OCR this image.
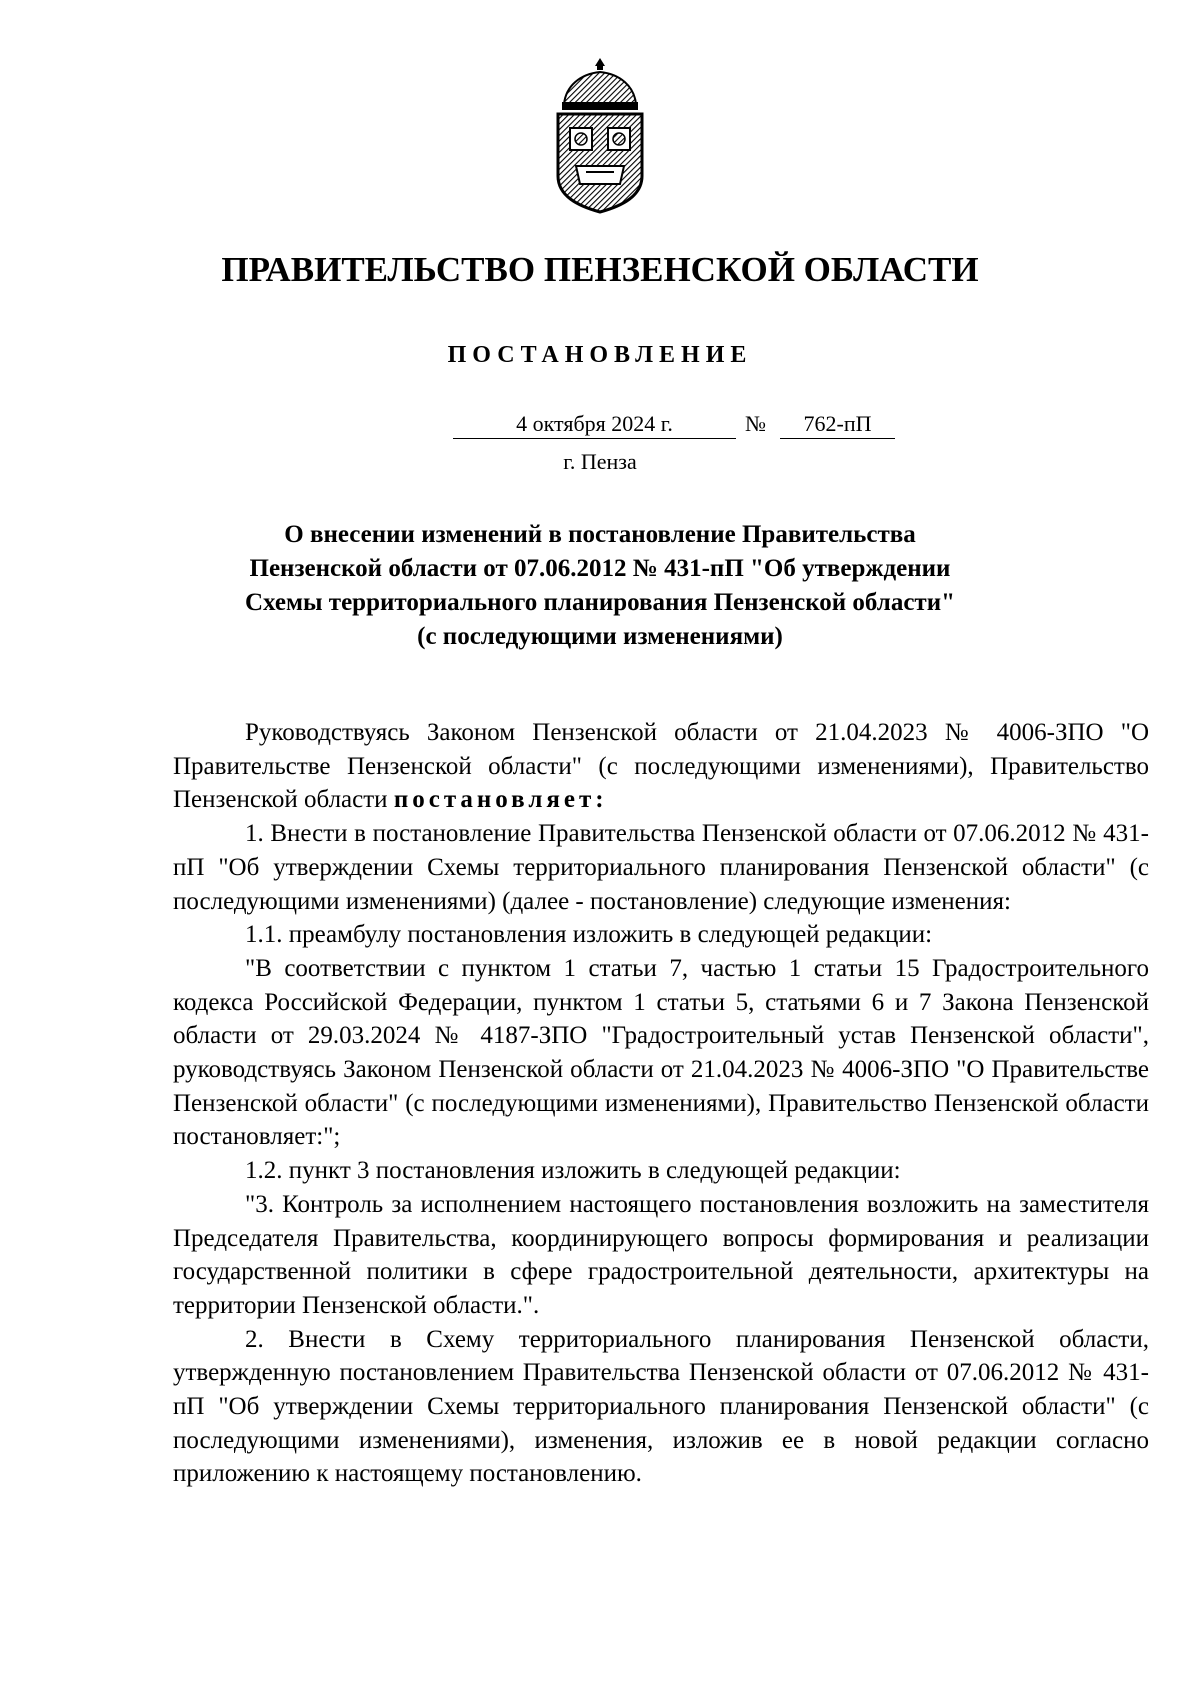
ПРАВИТЕЛЬСТВО ПЕНЗЕНСКОЙ ОБЛАСТИ
ПОСТАНОВЛЕНИЕ
4 октября 2024 г.	№	762-пП
г. Пенза
О внесении изменений в постановление Правительства
Пензенской области от 07.06.2012 № 431-пП "Об утверждении
Схемы территориального планирования Пензенской области"
(с последующими изменениями)

Руководствуясь Законом Пензенской области от 21.04.2023 № 4006-ЗПО "О Правительстве Пензенской области" (с последующими изменениями), Правительство Пензенской области постановляет:

1. Внести в постановление Правительства Пензенской области от 07.06.2012 № 431-пП "Об утверждении Схемы территориального планирования Пензенской области" (с последующими изменениями) (далее - постановление) следующие изменения:

1.1. преамбулу постановления изложить в следующей редакции:

"В соответствии с пунктом 1 статьи 7, частью 1 статьи 15 Градостроительного кодекса Российской Федерации, пунктом 1 статьи 5, статьями 6 и 7 Закона Пензенской области от 29.03.2024 № 4187-ЗПО "Градостроительный устав Пензенской области", руководствуясь Законом Пензенской области от 21.04.2023 № 4006-ЗПО "О Правительстве Пензенской области" (с последующими изменениями), Правительство Пензенской области постановляет:";

1.2. пункт 3 постановления изложить в следующей редакции:

"3. Контроль за исполнением настоящего постановления возложить на заместителя Председателя Правительства, координирующего вопросы формирования и реализации государственной политики в сфере градостроительной деятельности, архитектуры на территории Пензенской области.".

2. Внести в Схему территориального планирования Пензенской области, утвержденную постановлением Правительства Пензенской области от 07.06.2012 № 431-пП "Об утверждении Схемы территориального планирования Пензенской области" (с последующими изменениями), изменения, изложив ее в новой редакции согласно приложению к настоящему постановлению.
